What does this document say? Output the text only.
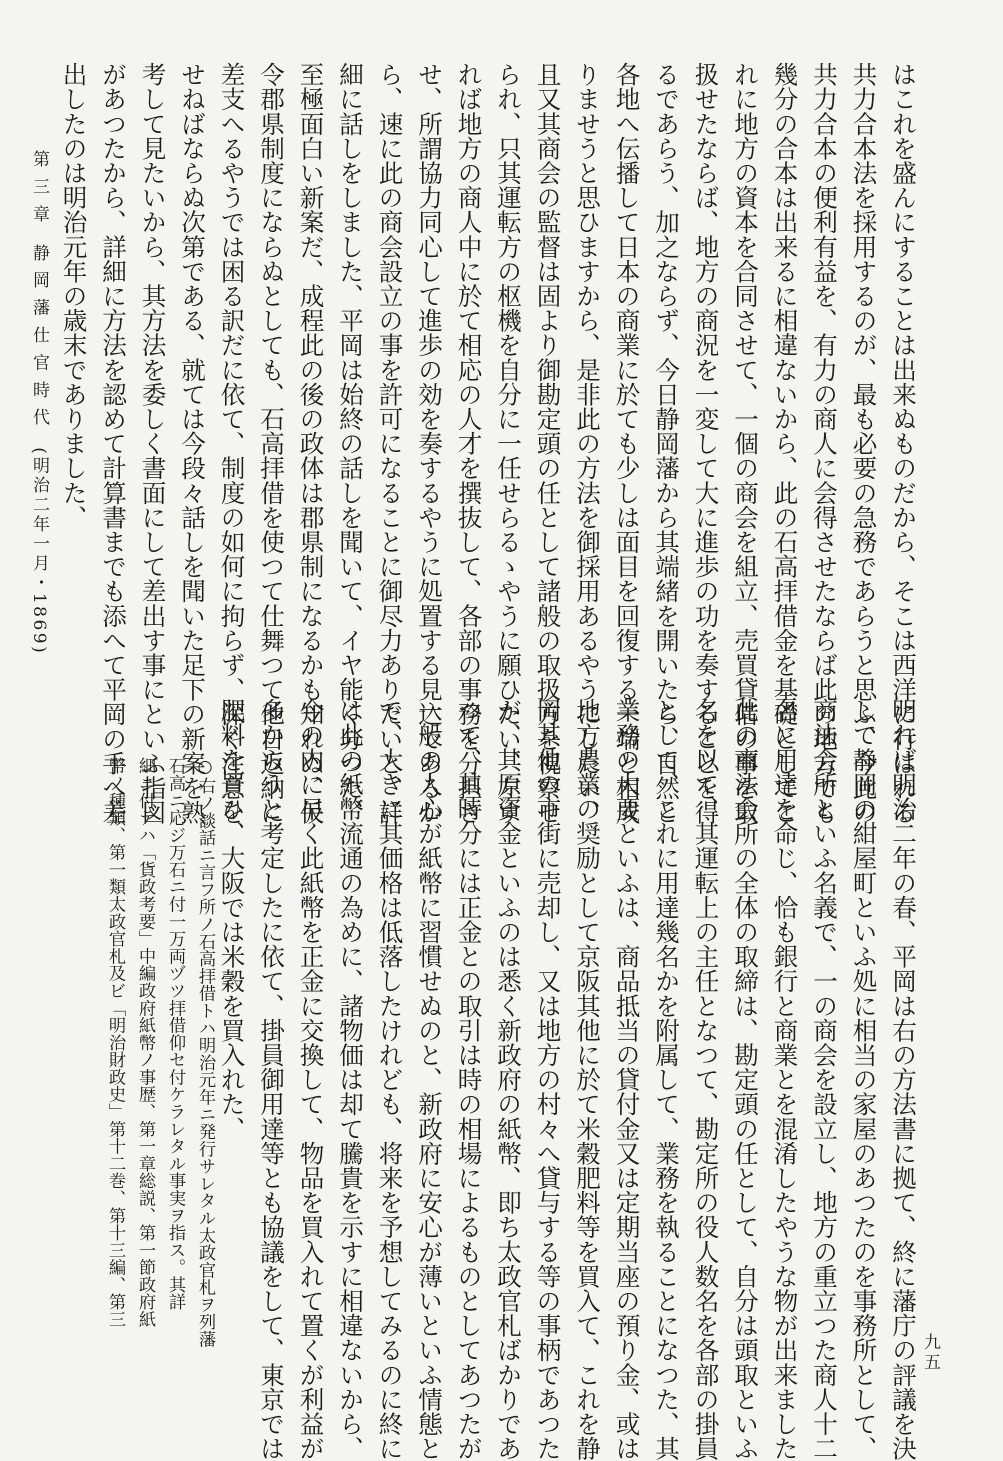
第 三 章　静 岡 藩 仕 官 時 代　(明治二年一月・1869)	はこれを盛んにすることは出来ぬものだから、そこは西洋に行はれる
共力合本法を採用するのが、最も必要の急務であらうと思ふ、今此の
共力合本の便利有益を、有力の商人に会得させたならば此の地方でも
幾分の合本は出来るに相違ないから、此の石高拝借金を基礎としてこ
れに地方の資本を合同させて、一個の商会を組立、売買貸借の事を取
扱せたならば、地方の商況を一変して大に進歩の功を奏することを得
るであらう、加之ならず、今日静岡藩から其端緒を開いたら、自然と
各地へ伝播して日本の商業に於ても少しは面目を回復する一端と相成
りませうと思ひますから、是非此の方法を御採用あるやうにしたい、
且又其商会の監督は固より御勘定頭の任として諸般の取扱方を視察せ
られ、只其運転方の枢機を自分に一任せらるゝやうに願ひたい、左す
れば地方の商人中に於て相応の人才を撰抜して、各部の事務を分担さ
せ、所謂協力同心して進歩の効を奏するやうに処置する見込であるか
ら、速に此の商会設立の事を許可になることに御尽力ありたいと、詳
細に話しをしました、平岡は始終の話しを聞いて、イヤ能く分つた、
至極面白い新案だ、成程此の後の政体は郡県制になるかも知れぬ、仮
令郡県制度にならぬとしても、石高拝借を使つて仕舞つて他日返納に
差支へるやうでは困る訳だに依て、制度の如何に拘らず、深く注意を
せねばならぬ次第である、就ては今段々話しを聞いた足下の新案を熟
考して見たいから、其方法を委しく書面にして差出す事にといふ指図
があつたから、詳細に方法を認めて計算書までも添へて平岡の手へ差
出したのは明治元年の歳末でありました、
明れば明治二年の春、平岡は右の方法書に拠て、終に藩庁の評議を決
して静岡の紺屋町といふ処に相当の家屋のあつたのを事務所として、
商法会所といふ名義で、一の商会を設立し、地方の重立つた商人十二
名に用達を命じ、恰も銀行と商業とを混淆したやうな物が出来ました
此の商法会所の全体の取締は、勘定頭の任として、自分は頭取といふ
名を以て、其運転上の主任となつて、勘定所の役人数名を各部の掛員
として、これに用達幾名かを附属して、業務を執ることになつた、其
業務の大要といふは、商品抵当の貸付金又は定期当座の預り金、或は
地方農業の奨励として京阪其他に於て米穀肥料等を買入て、これを静
岡其他の市街に売却し、又は地方の村々へ貸与する等の事柄であつた
が、其原資金といふのは悉く新政府の紙幣、即ち太政官札ばかりであ
つて、其時分には正金との取引は時の相場によるものとしてあつたが
一般の人心が紙幣に習慣せぬのと、新政府に安心が薄いといふ情態と
で、大きに其価格は低落したけれども、将来を予想してみるのに終に
は此の紙幣流通の為めに、諸物価は却て騰貴を示すに相違ないから、
今の内に早く此紙幣を正金に交換して、物品を買入れて置くが利益が
多からうと考定したに依て、掛員御用達等とも協議をして、東京では
肥料を買ひ、大阪では米穀を買入れた、
○右ノ談話ニ言フ所ノ石高拝借トハ明治元年ニ発行サレタル太政官札ヲ列藩
石高ニ応ジ万石ニ付一万両ヅツ拝借仰セ付ケラレタル事実ヲ指ス。其詳
細ニ付テハ「貨政考要」中編政府紙幣ノ事歴、第一章総説、第一節政府紙
幣ノ種類、第一類太政官札及ビ「明治財政史」第十二巻、第十三編、第三
九五
